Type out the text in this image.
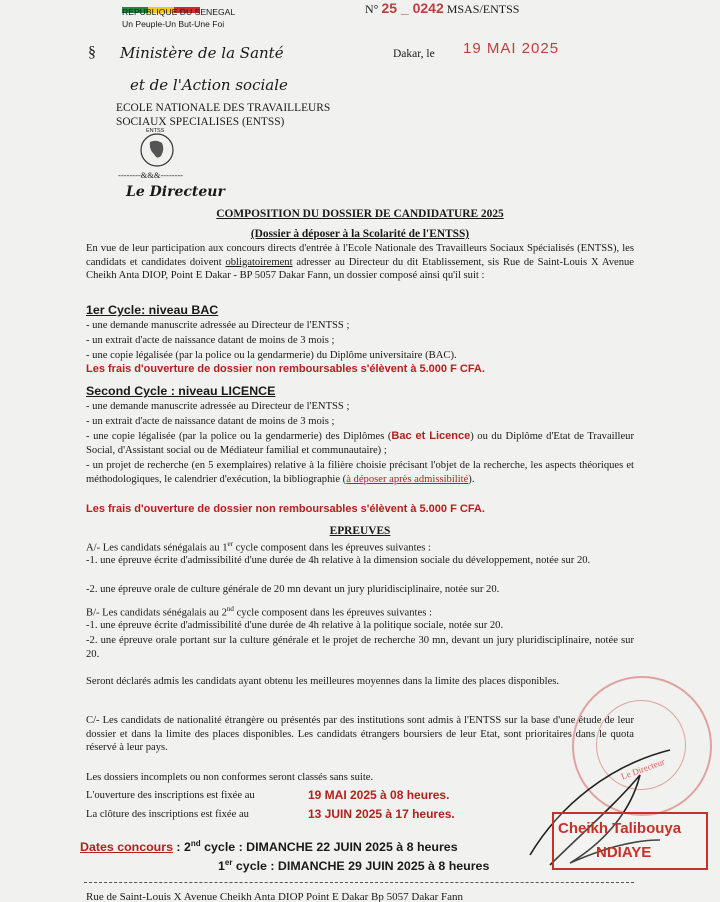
REPUBLIQUE DU SENEGAL
Un Peuple-Un But-Une Foi
N° 25 _ 0242 MSAS/ENTSS
§ Ministère de la Santé
et de l'Action sociale
Dakar, le 19 MAI 2025
ECOLE NATIONALE DES TRAVAILLEURS
SOCIAUX SPECIALISES (ENTSS)
ENTSS
--------&&&--------
Le Directeur
COMPOSITION DU DOSSIER DE CANDIDATURE 2025
(Dossier à déposer à la Scolarité de l'ENTSS)
En vue de leur participation aux concours directs d'entrée à l'Ecole Nationale des Travailleurs Sociaux Spécialisés (ENTSS), les candidats et candidates doivent obligatoirement adresser au Directeur du dit Etablissement, sis Rue de Saint-Louis X Avenue Cheikh Anta DIOP, Point E Dakar - BP 5057 Dakar Fann, un dossier composé ainsi qu'il suit :
1er Cycle: niveau BAC
- une demande manuscrite adressée au Directeur de l'ENTSS ;
- un extrait d'acte de naissance datant de moins de 3 mois ;
- une copie légalisée (par la police ou la gendarmerie) du Diplôme universitaire (BAC).
Les frais d'ouverture de dossier non remboursables s'élèvent à 5.000 F CFA.
Second Cycle : niveau LICENCE
- une demande manuscrite adressée au Directeur de l'ENTSS ;
- un extrait d'acte de naissance datant de moins de 3 mois ;
- une copie légalisée (par la police ou la gendarmerie) des Diplômes (Bac et Licence) ou du Diplôme d'Etat de Travailleur Social, d'Assistant social ou de Médiateur familial et communautaire) ;
- un projet de recherche (en 5 exemplaires) relative à la filière choisie précisant l'objet de la recherche, les aspects théoriques et méthodologiques, le calendrier d'exécution, la bibliographie (à déposer après admissibilité).
Les frais d'ouverture de dossier non remboursables s'élèvent à 5.000 F CFA.
EPREUVES
A/- Les candidats sénégalais au 1er cycle composent dans les épreuves suivantes :
-1. une épreuve écrite d'admissibilité d'une durée de 4h relative à la dimension sociale du développement, notée sur 20.
-2. une épreuve orale de culture générale de 20 mn devant un jury pluridisciplinaire, notée sur 20.
B/- Les candidats sénégalais au 2nd cycle composent dans les épreuves suivantes :
-1. une épreuve écrite d'admissibilité d'une durée de 4h relative à la politique sociale, notée sur 20.
-2. une épreuve orale portant sur la culture générale et le projet de recherche 30 mn, devant un jury pluridisciplinaire, notée sur 20.
Seront déclarés admis les candidats ayant obtenu les meilleures moyennes dans la limite des places disponibles.
C/- Les candidats de nationalité étrangère ou présentés par des institutions sont admis à l'ENTSS sur la base d'une étude de leur dossier et dans la limite des places disponibles. Les candidats étrangers boursiers de leur Etat, sont prioritaires dans le quota réservé à leur pays.
Les dossiers incomplets ou non conformes seront classés sans suite.
L'ouverture des inscriptions est fixée au	19 MAI 2025 à 08 heures.
La clôture des inscriptions est fixée au	13 JUIN 2025 à 17 heures.
Dates concours : 2nd cycle : DIMANCHE 22 JUIN 2025 à 8 heures
1er cycle : DIMANCHE 29 JUIN 2025 à 8 heures
Le Directeur
Cheikh Talibouya
NDIAYE
Rue de Saint-Louis X Avenue Cheikh Anta DIOP Point E Dakar Bp 5057 Dakar Fann
